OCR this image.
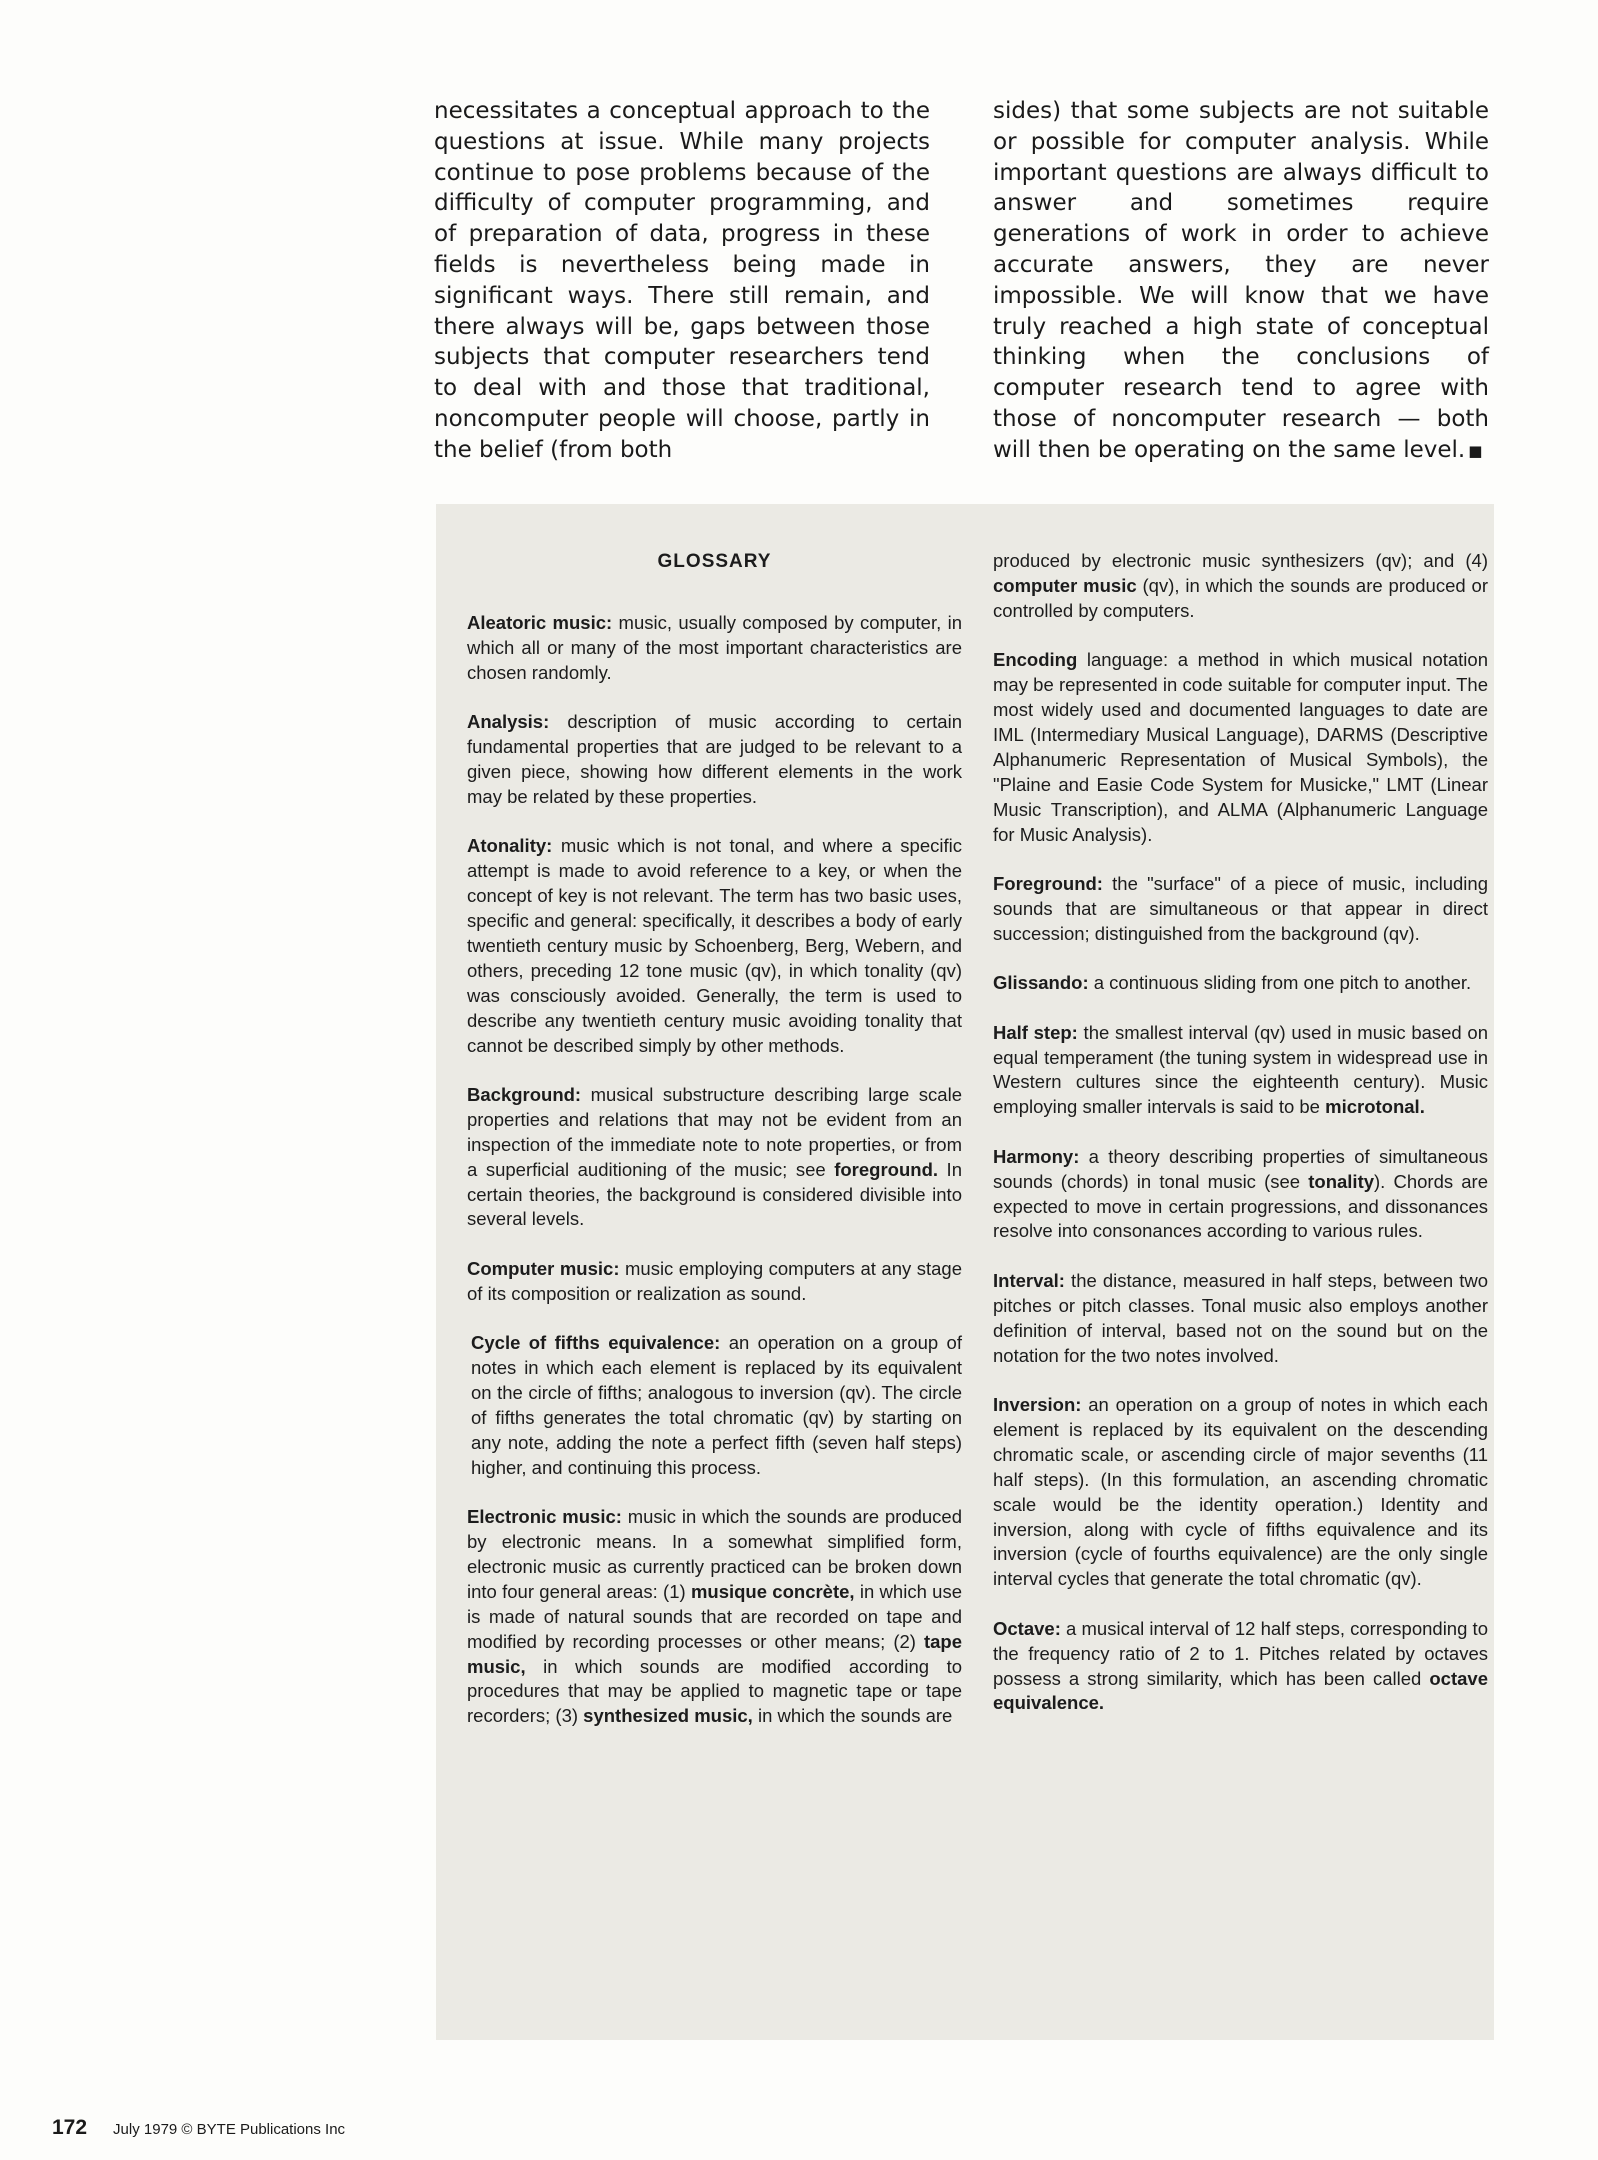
necessitates a conceptual approach to the questions at issue. While many projects continue to pose problems because of the difficulty of computer programming, and of preparation of data, progress in these fields is nevertheless being made in significant ways. There still remain, and there always will be, gaps between those subjects that computer researchers tend to deal with and those that traditional, noncomputer people will choose, partly in the belief (from both

sides) that some subjects are not suitable or possible for computer analysis. While important questions are always difficult to answer and sometimes require generations of work in order to achieve accurate answers, they are never impossible. We will know that we have truly reached a high state of conceptual thinking when the conclusions of computer research tend to agree with those of noncomputer research — both will then be operating on the same level. ■

GLOSSARY

Aleatoric music: music, usually composed by computer, in which all or many of the most important characteristics are chosen randomly.

Analysis: description of music according to certain fundamental properties that are judged to be relevant to a given piece, showing how different elements in the work may be related by these properties.

Atonality: music which is not tonal, and where a specific attempt is made to avoid reference to a key, or when the concept of key is not relevant. The term has two basic uses, specific and general: specifically, it describes a body of early twentieth century music by Schoenberg, Berg, Webern, and others, preceding 12 tone music (qv), in which tonality (qv) was consciously avoided. Generally, the term is used to describe any twentieth century music avoiding tonality that cannot be described simply by other methods.

Background: musical substructure describing large scale properties and relations that may not be evident from an inspection of the immediate note to note properties, or from a superficial auditioning of the music; see foreground. In certain theories, the background is considered divisible into several levels.

Computer music: music employing computers at any stage of its composition or realization as sound.

Cycle of fifths equivalence: an operation on a group of notes in which each element is replaced by its equivalent on the circle of fifths; analogous to inversion (qv). The circle of fifths generates the total chromatic (qv) by starting on any note, adding the note a perfect fifth (seven half steps) higher, and continuing this process.

Electronic music: music in which the sounds are produced by electronic means. In a somewhat simplified form, electronic music as currently practiced can be broken down into four general areas: (1) musique concrète, in which use is made of natural sounds that are recorded on tape and modified by recording processes or other means; (2) tape music, in which sounds are modified according to procedures that may be applied to magnetic tape or tape recorders; (3) synthesized music, in which the sounds are

produced by electronic music synthesizers (qv); and (4) computer music (qv), in which the sounds are produced or controlled by computers.

Encoding language: a method in which musical notation may be represented in code suitable for computer input. The most widely used and documented languages to date are IML (Intermediary Musical Language), DARMS (Descriptive Alphanumeric Representation of Musical Symbols), the "Plaine and Easie Code System for Musicke," LMT (Linear Music Transcription), and ALMA (Alphanumeric Language for Music Analysis).

Foreground: the "surface" of a piece of music, including sounds that are simultaneous or that appear in direct succession; distinguished from the background (qv).

Glissando: a continuous sliding from one pitch to another.

Half step: the smallest interval (qv) used in music based on equal temperament (the tuning system in widespread use in Western cultures since the eighteenth century). Music employing smaller intervals is said to be microtonal.

Harmony: a theory describing properties of simultaneous sounds (chords) in tonal music (see tonality). Chords are expected to move in certain progressions, and dissonances resolve into consonances according to various rules.

Interval: the distance, measured in half steps, between two pitches or pitch classes. Tonal music also employs another definition of interval, based not on the sound but on the notation for the two notes involved.

Inversion: an operation on a group of notes in which each element is replaced by its equivalent on the descending chromatic scale, or ascending circle of major sevenths (11 half steps). (In this formulation, an ascending chromatic scale would be the identity operation.) Identity and inversion, along with cycle of fifths equivalence and its inversion (cycle of fourths equivalence) are the only single interval cycles that generate the total chromatic (qv).

Octave: a musical interval of 12 half steps, corresponding to the frequency ratio of 2 to 1. Pitches related by octaves possess a strong similarity, which has been called octave equivalence.

172 July 1979 © BYTE Publications Inc
